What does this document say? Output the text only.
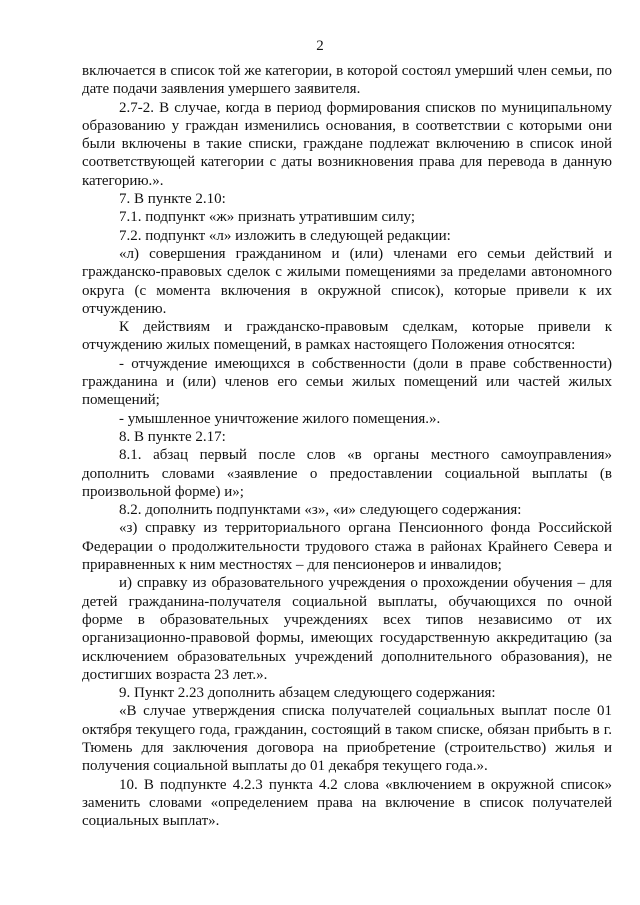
2

включается в список той же категории, в которой состоял умерший член семьи, по дате подачи заявления умершего заявителя.

2.7-2. В случае, когда в период формирования списков по муниципальному образованию у граждан изменились основания, в соответствии с которыми они были включены в такие списки, граждане подлежат включению в список иной соответствующей категории с даты возникновения права для перевода в данную категорию.».

7. В пункте 2.10:

7.1. подпункт «ж» признать утратившим силу;

7.2. подпункт «л» изложить в следующей редакции:

«л) совершения гражданином и (или) членами его семьи действий и гражданско-правовых сделок с жилыми помещениями за пределами автономного округа (с момента включения в окружной список), которые привели к их отчуждению.

К действиям и гражданско-правовым сделкам, которые привели к отчуждению жилых помещений, в рамках настоящего Положения относятся:

- отчуждение имеющихся в собственности (доли в праве собственности) гражданина и (или) членов его семьи жилых помещений или частей жилых помещений;

- умышленное уничтожение жилого помещения.».

8. В пункте 2.17:

8.1. абзац первый после слов «в органы местного самоуправления» дополнить словами «заявление о предоставлении социальной выплаты (в произвольной форме) и»;

8.2. дополнить подпунктами «з», «и» следующего содержания:

«з) справку из территориального органа Пенсионного фонда Российской Федерации о продолжительности трудового стажа в районах Крайнего Севера и приравненных к ним местностях – для пенсионеров и инвалидов;

и) справку из образовательного учреждения о прохождении обучения – для детей гражданина-получателя социальной выплаты, обучающихся по очной форме в образовательных учреждениях всех типов независимо от их организационно-правовой формы, имеющих государственную аккредитацию (за исключением образовательных учреждений дополнительного образования), не достигших возраста 23 лет.».

9. Пункт 2.23 дополнить абзацем следующего содержания:

«В случае утверждения списка получателей социальных выплат после 01 октября текущего года, гражданин, состоящий в таком списке, обязан прибыть в г. Тюмень для заключения договора на приобретение (строительство) жилья и получения социальной выплаты до 01 декабря текущего года.».

10. В подпункте 4.2.3 пункта 4.2 слова «включением в окружной список» заменить словами «определением права на включение в список получателей социальных выплат».
